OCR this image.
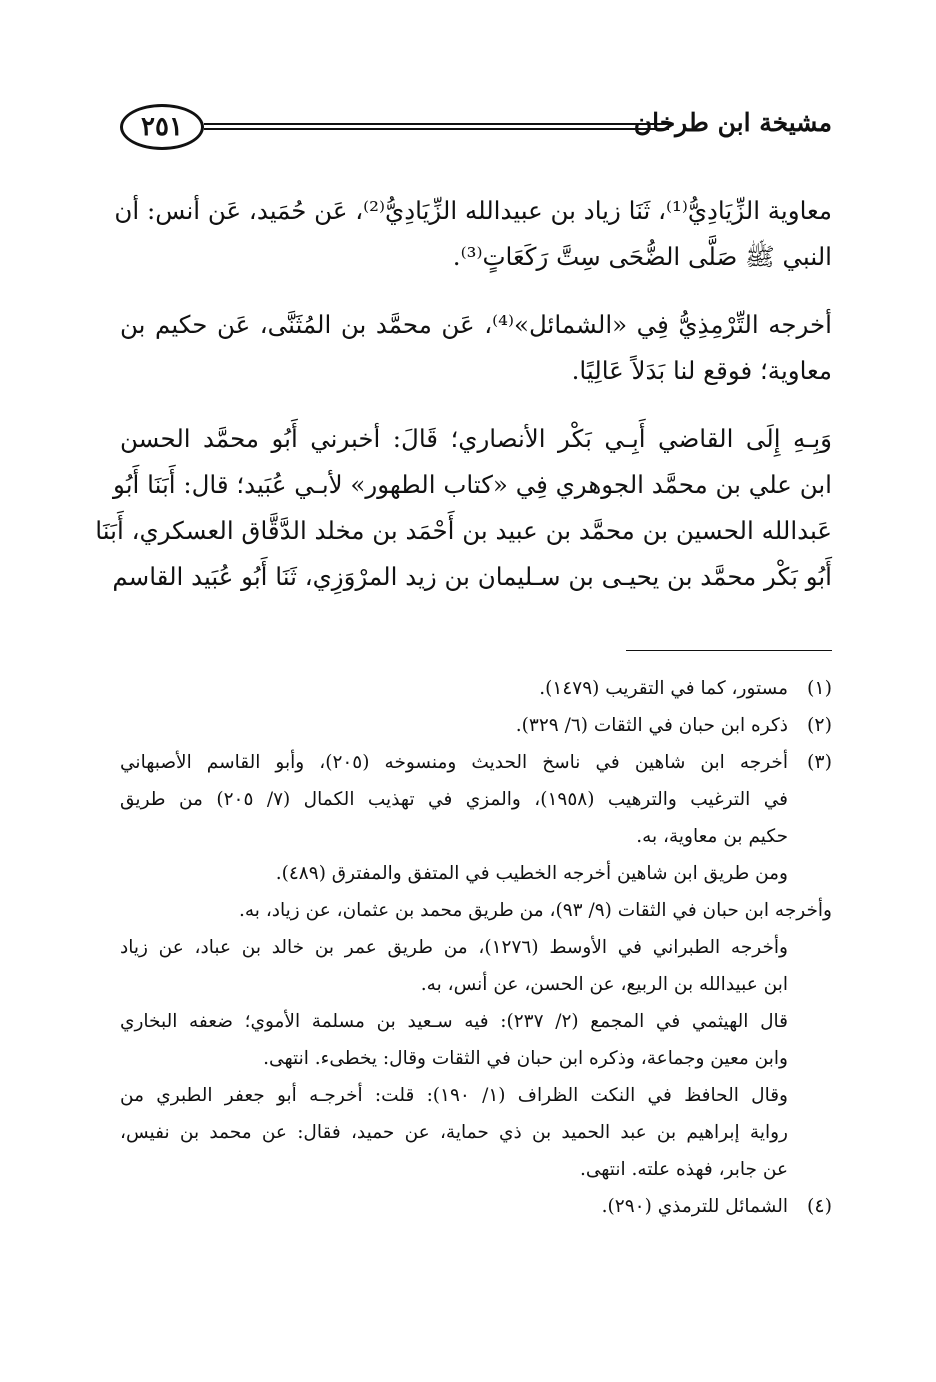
٢٥١	مشيخة ابن طرخان
معاوية الزِّيَادِيُّ⁽¹⁾، ثَنَا زياد بن عبيدالله الزِّيَادِيُّ⁽²⁾، عَن حُمَيد، عَن أنس: أن
النبي ﷺ صَلَّى الضُّحَى سِتَّ رَكَعَاتٍ⁽³⁾.
أخرجه التِّرْمِذِيُّ فِي «الشمائل»⁽⁴⁾، عَن محمَّد بن المُثَنَّى، عَن حكيم بن
معاوية؛ فوقع لنا بَدَلاً عَالِيًا.
وَبِـهِ إِلَى القاضي أَبِـي بَكْر الأنصاري؛ قَالَ: أخبرني أَبُو محمَّد الحسن
ابن علي بن محمَّد الجوهري فِي «كتاب الطهور» لأبـي عُبَيد؛ قال: أَبَنَا أَبُو
عَبدالله الحسين بن محمَّد بن عبيد بن أَحْمَد بن مخلد الدَّقَّاق العسكري، أَبَنَا
أَبُو بَكْر محمَّد بن يحيـى بن سـليمان بن زيد المرْوَزِي، ثَنَا أَبُو عُبَيد القاسم
(١)
مستور، كما في التقريب (١٤٧٩).
(٢)
ذكره ابن حبان في الثقات (٦/ ٣٢٩).
(٣)
أخرجه ابن شاهين في ناسخ الحديث ومنسوخه (٢٠٥)، وأبو القاسم الأصبهاني
في الترغيب والترهيب (١٩٥٨)، والمزي في تهذيب الكمال (٧/ ٢٠٥) من طريق
حكيم بن معاوية، به.
ومن طريق ابن شاهين أخرجه الخطيب في المتفق والمفترق (٤٨٩).
وأخرجه ابن حبان في الثقات (٩/ ٩٣)، من طريق محمد بن عثمان، عن زياد، به.
وأخرجه الطبراني في الأوسط (١٢٧٦)، من طريق عمر بن خالد بن عباد، عن زياد
ابن عبيدالله بن الربيع، عن الحسن، عن أنس، به.
قال الهيثمي في المجمع (٢/ ٢٣٧): فيه سـعيد بن مسلمة الأموي؛ ضعفه البخاري
وابن معين وجماعة، وذكره ابن حبان في الثقات وقال: يخطىء. انتهى.
وقال الحافظ في النكت الظراف (١/ ١٩٠): قلت: أخرجـه أبو جعفر الطبري من
رواية إبراهيم بن عبد الحميد بن ذي حماية، عن حميد، فقال: عن محمد بن نفيس،
عن جابر، فهذه علته. انتهى.
(٤)
الشمائل للترمذي (٢٩٠).
